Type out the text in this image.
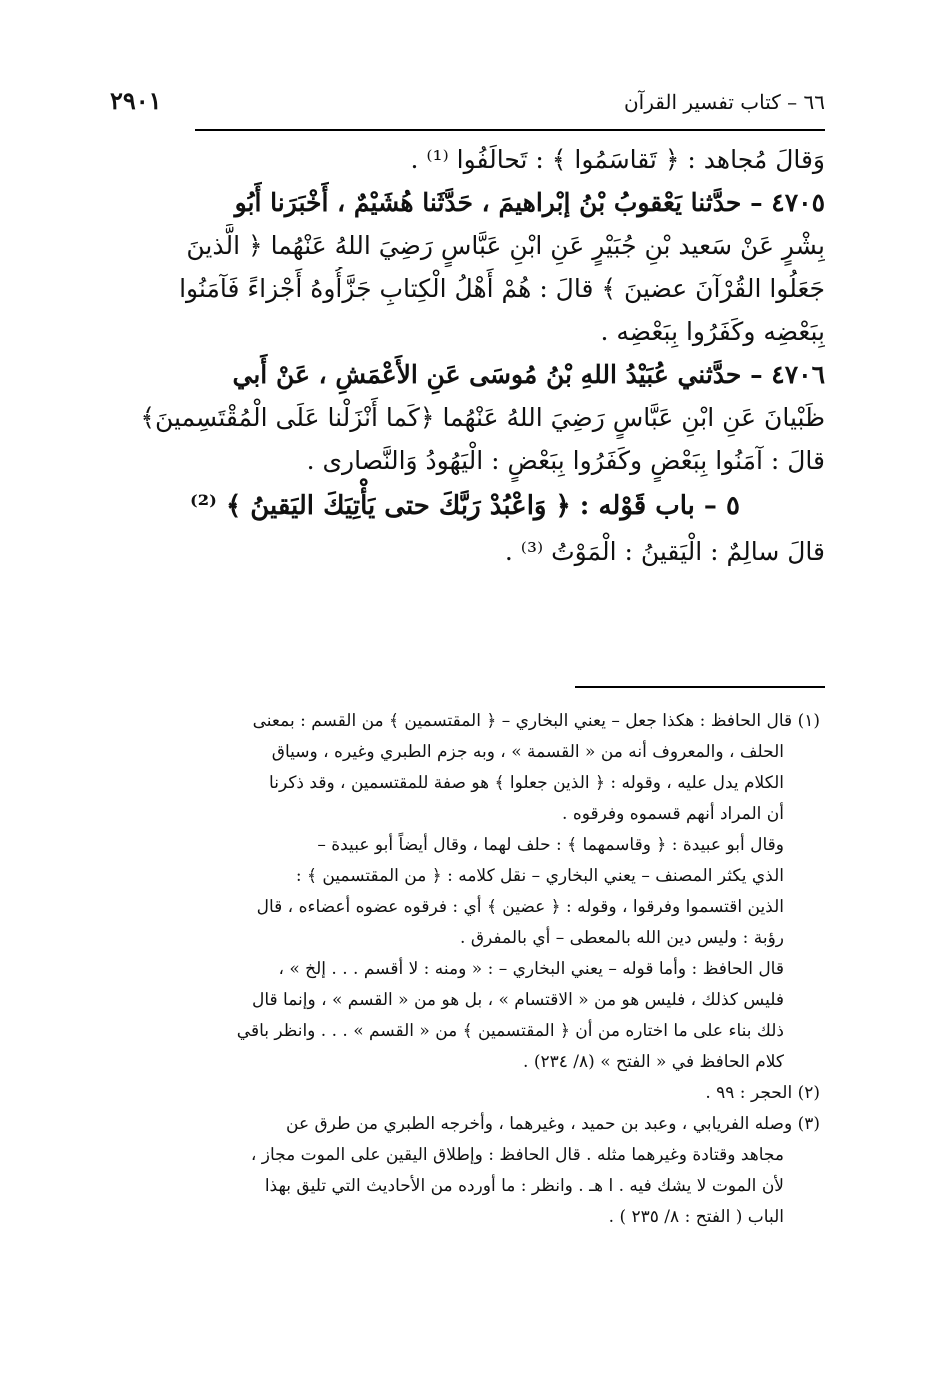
٢٩٠١	٦٦ – كتاب تفسير القرآن
وَقالَ مُجاهد : ﴿ تَقاسَمُوا ﴾ : تَحالَفُوا ⁽¹⁾ .
٤٧٠٥ – حدَّثنا يَعْقوبُ بْنُ إبْراهيمَ ، حَدَّثَنا هُشَيْمٌ ، أَخْبَرَنا أَبُو
بِشْرٍ عَنْ سَعيد بْنِ جُبَيْرٍ عَنِ ابْنِ عَبَّاسٍ رَضِيَ اللهُ عَنْهُما ﴿ الَّذينَ
جَعَلُوا القُرْآنَ عضينَ ﴾ قالَ : هُمْ أَهْلُ الْكِتابِ جَزَّأُوهُ أَجْزاءً فَآمَنُوا
بِبَعْضِه وكَفَرُوا بِبَعْضِه .
٤٧٠٦ – حدَّثني عُبَيْدُ اللهِ بْنُ مُوسَى عَنِ الأَعْمَشِ ، عَنْ أَبي
ظَبْيانَ عَنِ ابْنِ عَبَّاسٍ رَضِيَ اللهُ عَنْهُما ﴿كَما أَنْزَلْنا عَلَى الْمُقْتَسِمينَ﴾
قالَ : آمَنُوا بِبَعْضٍ وكَفَرُوا بِبَعْضٍ : الْيَهُودُ وَالنَّصارى .
٥ – باب قَوْله : ﴿ وَاعْبُدْ رَبَّكَ حتى يَأْتِيَكَ اليَقينُ ﴾ ⁽²⁾
قالَ سالِمٌ : الْيَقينُ : الْمَوْتُ ⁽³⁾ .
(١) قال الحافظ : هكذا جعل – يعني البخاري – ﴿ المقتسمين ﴾ من القسم : بمعنى
الحلف ، والمعروف أنه من « القسمة » ، وبه جزم الطبري وغيره ، وسياق
الكلام يدل عليه ، وقوله : ﴿ الذين جعلوا ﴾ هو صفة للمقتسمين ، وقد ذكرنا
أن المراد أنهم قسموه وفرقوه .
وقال أبو عبيدة : ﴿ وقاسمهما ﴾ : حلف لهما ، وقال أيضاً أبو عبيدة –
الذي يكثر المصنف – يعني البخاري – نقل كلامه : ﴿ من المقتسمين ﴾ :
الذين اقتسموا وفرقوا ، وقوله : ﴿ عضين ﴾ أي : فرقوه عضوه أعضاءه ، قال
رؤبة : وليس دين الله بالمعطى – أي بالمفرق .
قال الحافظ : وأما قوله – يعني البخاري – : « ومنه : لا أقسم . . . إلخ » ،
فليس كذلك ، فليس هو من « الاقتسام » ، بل هو من « القسم » ، وإنما قال
ذلك بناء على ما اختاره من أن ﴿ المقتسمين ﴾ من « القسم » . . . وانظر باقي
كلام الحافظ في « الفتح » (٨/ ٢٣٤) .
(٢) الحجر : ٩٩ .
(٣) وصله الفريابي ، وعبد بن حميد ، وغيرهما ، وأخرجه الطبري من طرق عن
مجاهد وقتادة وغيرهما مثله . قال الحافظ : وإطلاق اليقين على الموت مجاز ،
لأن الموت لا يشك فيه . ا هـ . وانظر : ما أورده من الأحاديث التي تليق بهذا
الباب ( الفتح : ٨/ ٢٣٥ ) .
